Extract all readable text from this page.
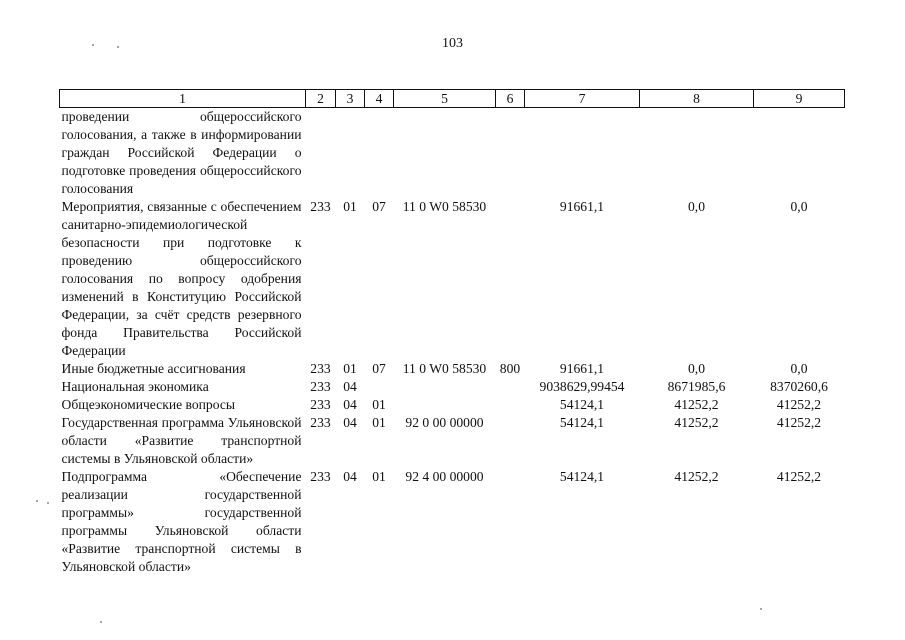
103
1	2	3	4	5	6	7	8	9
проведении общероссийского голосования, а также в информировании граждан Российской Федерации о подготовке проведения общероссийского голосования								
Мероприятия, связанные с обеспечением санитарно-эпидемиологической безопасности при подготовке к проведению общероссийского голосования по вопросу одобрения изменений в Конституцию Российской Федерации, за счёт средств резервного фонда Правительства Российской Федерации	233	01	07	11 0 W0 58530		91661,1	0,0	0,0
Иные бюджетные ассигнования	233	01	07	11 0 W0 58530	800	91661,1	0,0	0,0
Национальная экономика	233	04				9038629,99454	8671985,6	8370260,6
Общеэкономические вопросы	233	04	01			54124,1	41252,2	41252,2
Государственная программа Ульяновской области «Развитие транспортной системы в Ульяновской области»	233	04	01	92 0 00 00000		54124,1	41252,2	41252,2
Подпрограмма «Обеспечение реализации государственной программы» государственной программы Ульяновской области «Развитие транспортной системы в Ульяновской области»	233	04	01	92 4 00 00000		54124,1	41252,2	41252,2
